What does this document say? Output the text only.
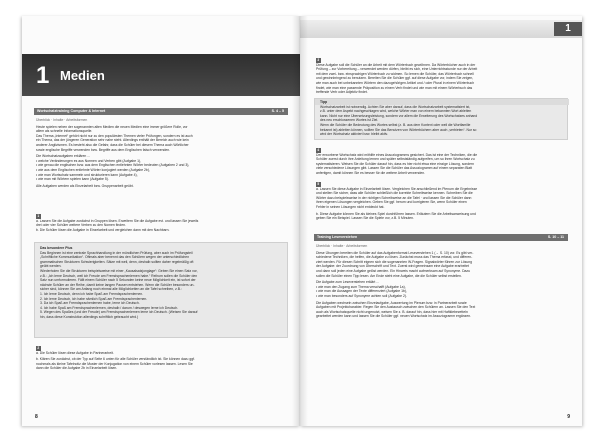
1 Medien
Wortschatztraining Computer & Internet	S. 4 – 5
Überblick · Inhalte · Arbeitsformen
Heute spielen neben der sogenannten alten Medien die neuen Medien eine immer größere Rolle, vor
allem als schnelle Informationsquelle.
Das Thema „Internet“ gehört nicht nur zu den populärsten Themen vieler Prüfungen, sondern es ist auch
ein Thema, das der jüngeren Generation sehr nahe steht. Allerdings enthält der Bereich auch wie kein
anderer Anglizismen. Es besteht also die Gefahr, dass die Schüler bei diesem Thema auch Wörtlicher
sowie englische Begriffe verwenden bzw. Begriffe aus dem Englischen falsch verwenden.
Die Wortschatzaufgaben erklären ...
• welche Veränderungen es aus Normen und Verben gibt (Aufgabe 1),
• wie genau die englischen bzw. aus dem Englischen entlehnten Wörter bedeuten (Aufgaben 2 und 3),
• wie aus dem Englischen entlehnte Wörter konjugiert werden (Aufgabe 2b),
• wie man Wortschatz sammeln und strukturieren kann (Aufgabe 4),
• wie man mit Wörtern spielen kann (Aufgabe 5).
Alle Aufgaben werden als Einzelarbeit bzw. Gruppenarbeit geübt.
1
a. Lassen Sie die Aufgabe zunächst in Gruppen lösen. Erweitern Sie die Aufgabe evt. und lassen Sie jeweils
drei oder vier Schüler weitere Verben zu den Nomen finden.
b. Die Schüler lösen die Aufgabe in Einzelarbeit und vergleichen dann mit den Nachbarn.
Das besondere Plus
Das Beginnen ist eine zentrale Sprachhandlung in der mündlichen Prüfung, aber auch im Prüfungsteil
„Schriftliche Kommunikation“. Oftmals aber benennt das den Schülern wegen der unterschiedlichen
grammatischen Strukturen Schwierigkeiten. Sätze mit weil, denn, deshalb sollten daher regelmäßig oft
geübt werden.
Wiederholen Sie die Strukturen beispielsweise mit einer „Kausalsatzjonglage“: Geben Sie einen Satz vor,
z.B.: „Ich lerne Deutsch, weil ich Freude am Fremdsprachenlernen habe.“ Reihum sollen die Schüler den
Satz nun umformulieren. Fällt einem Schüler nach 5 Sekunden keine neue Möglichkeit ein, ist sofort der
nächste Schüler an der Reihe, damit keine langen Pausen entstehen. Wenn die Schüler besonders un-
sicher sind, können Sie am Anfang noch einmal alle Möglichkeiten an die Tafel schreiben, z.B.:
1. Ich lerne Deutsch, denn ich habe Spaß am Fremdsprachenlernen.
2. Ich lerne Deutsch, ich habe nämlich Spaß am Fremdsprachenlernen.
3. Da ich Spaß am Fremdsprachenlernen habe, lerne ich Deutsch.
4. Ich habe Spaß am Fremdsprachenlernen, deshalb / darum / deswegen lerne ich Deutsch.
5. Wegen des Spaßes (und der Freude) am Fremdsprachenlernen lerne ich Deutsch. (Weisen Sie darauf
hin, dass diese Konstruktion allerdings schriftlich gebraucht wird.)
2
a. Die Schüler lösen diese Aufgabe in Partnerarbeit.
b. Klären Sie zunächst, ob der Typ auf Seite 6 unten für alle Schüler verständlich ist. Sie können dazu ggf.
nochmals als kleine Tafelnotiz die Muster der Konjugation von einem Schüler vorlesen lassen. Lesen Sie
dann die Schüler die Aufgabe 2b in Einzelarbeit lösen.
8
1
3
Diese Aufgabe soll die Schüler an die Arbeit mit dem Wörterbuch gewöhnen. Da Wörterbücher auch in der
Prüfung – zur Vorbereitung – verwendet werden dürfen, bleibt es sich, eine Unterrichtsstunde nur der Arbeit
mit dem zwei- bzw. einsprachigen Wörterbuch zu widmen. So lernen die Schüler, das Wörterbuch schnell
und gewinnbringend zu benutzen. Bereiten Sie die Schüler ggf. auf diese Aufgabe vor, indem Sie zeigen,
wie man auch bei unbekannten Wörtern den dazugehörigen Artikel und / oder Plural in einem Wörterbuch
findet, wie man eine passende Präposition zu einem Verb findet und wie man mit einem Wörterbuch das
treffende Verb oder Adjektiv findet.
Tipp
Wortschatzarbeit ist notwendig. Achten Sie aber darauf, dass die Wortschatzarbeit systematisiert ist,
z.B. unter dem Aspekt nachgeschlagen wird, welche Wörter man von einem bekannten Wort ableiten
kann. Nicht nur eine Übersetzungsleistung, sondern vor allem die Erweiterung des Wortschatzes anhand
des neu erschlossenen Wortes ist Ziel.
Wenn die Schüler die Bedeutung des Wortes selbst (z. B. aus dem Kontext oder weil die Wortfamilie
bekannt ist) ableiten können, sollten Sie das Benutzen von Wörterbüchern aber auch „verbieten“. Nur so
wird der Wortschatz aktiviert bzw. bleibt aktiv.
4
Der erworbene Wortschatz wird mithilfe eines Assoziogramms gesichert. Das ist eine der Techniken, die die
Schüler zuerst durch ihre Anleitung lernen und später selbstständig aufgreifen, um so ihren Wortschatz zu
systematisieren. Weisen Sie die Schüler darauf hin, dass es hier nicht etwa eine einzige Lösung, sondern
viele verschiedene Lösungen gibt. Lassen Sie die Schüler das Assoziogramm auf einem separaten Blatt
anfertigen, damit können Sie es besser für die weitere Arbeit verwenden.
5
a. Lassen Sie diese Aufgabe in Einzelarbeit lösen. Vergleichen Sie anschließend im Plenum die Ergebnisse
und stellen Sie sicher, dass alle Schüler schließlich die korrekte Schreibweise kennen. Schreiben Sie die
Wörter dazu beispielsweise in der richtigen Schreibweise an die Tafel · und lassen Sie die Schüler dann
ihren eigenen Lösungen vergleichen. Geben Sie ggf. herum und korrigieren Sie, wenn Schüler einen
Fehler in seinen Lösungen nicht entdeckt hat.
b. Diese Aufgabe können Sie als kleines Spiel durchführen lassen. Erläutern Sie die Arbeitsanweisung und
geben Sie ein Beispiel. Lassen Sie die Spiele vor, z.B. 5 Minuten.
Training Leseverstehen	S. 10 – 11
Überblick · Inhalte · Arbeitsformen
Diese Übungen bereiten die Schüler auf das Aufgabenformat Leseverstehen 1 (→ S. 10) vor. Es gibt ver-
schiedene Techniken, die helfen, die Aufgabe zu lösen. Zunächst muss das Thema erfasst, und differen-
ziert werden. Für diesen Schritt eignen sich die sogenannten W-Fragen. Signalwörter führen zur Lösung
der Aufgabe: der Zuordnung von Überschrift und Text. Zuerst wird gemeinsam eine Aufgabe erarbeitet
und dann soll jeden eine Aufgabe gelöst werden. Ein Hinweis macht aufmerksam auf Synonyme. Dazu
sollen die Schüler einen Tipp lesen. Am Ende steht eine Aufgabe, die die Schüler selbst erstellen.
Die Aufgabe zum Leseverstehen erklärt ...
• wie man den Zugang zum Thema verschafft (Aufgabe 1a),
• wie man die Aussagen der Texte differenziert (Aufgabe 1b),
• wie man besonders auf Synonyme achten soll (Aufgabe 2).
Die Aufgaben wechseln zwischen Einzelaufgabe, Auswertung im Plenum bzw. in Partnerarbeit sowie
Aufgaben mit Projektcharakter. Regen Sie den Austausch zwischen den Schülern an. Lassen Sie den Text
auch als Wortschatzquelle nicht ungenutzt, weisen Sie z. B. darauf hin, dass hier mit Haftklebezetteln
gearbeitet werden kann und lassen Sie die Schüler ggf. neuen Wortschatz im Assoziogramm ergänzen.
9
